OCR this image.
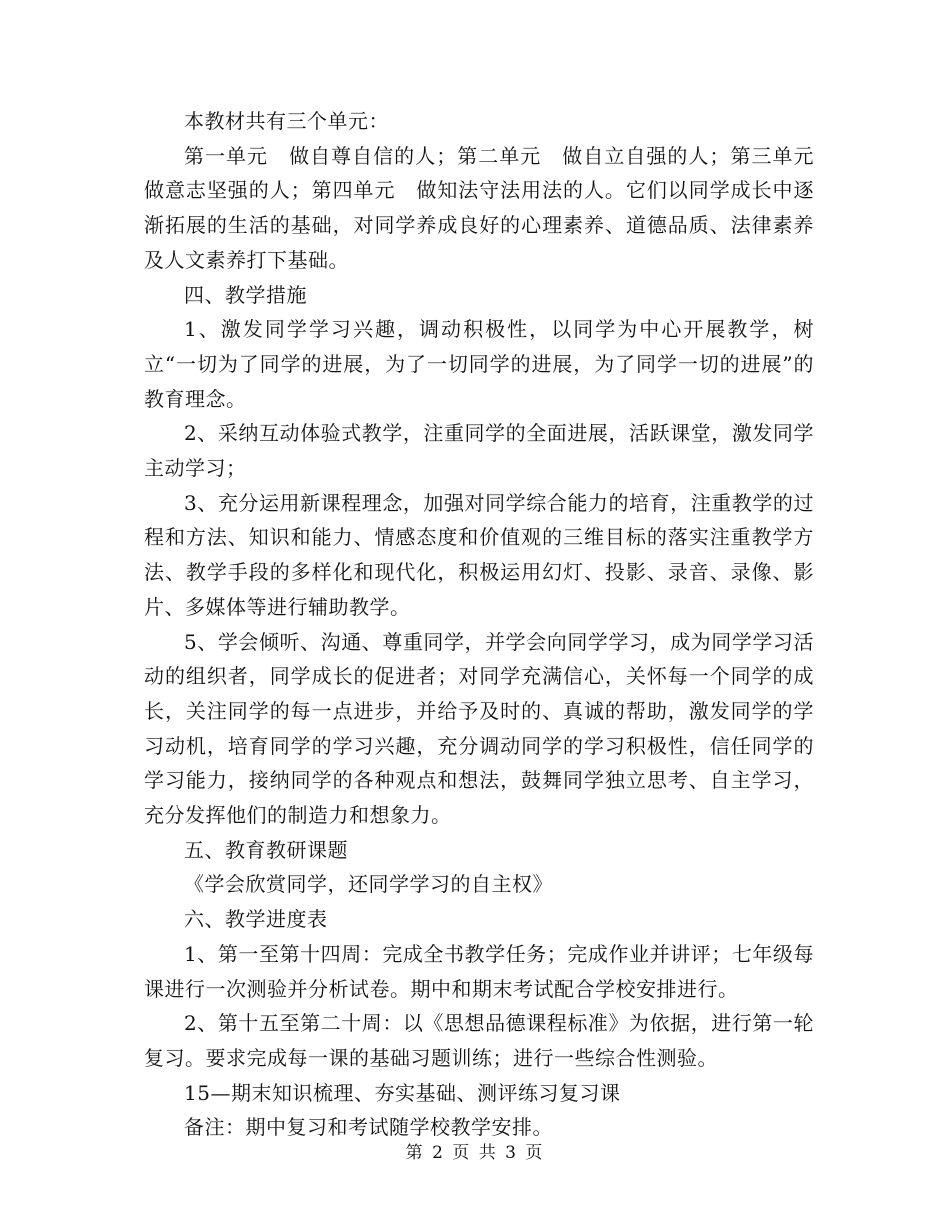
本教材共有三个单元：

第一单元　做自尊自信的人；第二单元　做自立自强的人；第三单元　做意志坚强的人；第四单元　做知法守法用法的人。它们以同学成长中逐渐拓展的生活的基础，对同学养成良好的心理素养、道德品质、法律素养及人文素养打下基础。

四、教学措施

1、激发同学学习兴趣，调动积极性，以同学为中心开展教学，树立“一切为了同学的进展，为了一切同学的进展，为了同学一切的进展”的教育理念。

2、采纳互动体验式教学，注重同学的全面进展，活跃课堂，激发同学主动学习；

3、充分运用新课程理念，加强对同学综合能力的培育，注重教学的过程和方法、知识和能力、情感态度和价值观的三维目标的落实注重教学方法、教学手段的多样化和现代化，积极运用幻灯、投影、录音、录像、影片、多媒体等进行辅助教学。

5、学会倾听、沟通、尊重同学，并学会向同学学习，成为同学学习活动的组织者，同学成长的促进者；对同学充满信心，关怀每一个同学的成长，关注同学的每一点进步，并给予及时的、真诚的帮助，激发同学的学习动机，培育同学的学习兴趣，充分调动同学的学习积极性，信任同学的学习能力，接纳同学的各种观点和想法，鼓舞同学独立思考、自主学习，充分发挥他们的制造力和想象力。

五、教育教研课题

《学会欣赏同学，还同学学习的自主权》

六、教学进度表

1、第一至第十四周：完成全书教学任务；完成作业并讲评；七年级每课进行一次测验并分析试卷。期中和期末考试配合学校安排进行。

2、第十五至第二十周：以《思想品德课程标准》为依据，进行第一轮复习。要求完成每一课的基础习题训练；进行一些综合性测验。

15—期末知识梳理、夯实基础、测评练习复习课

备注：期中复习和考试随学校教学安排。

第 2 页 共 3 页
